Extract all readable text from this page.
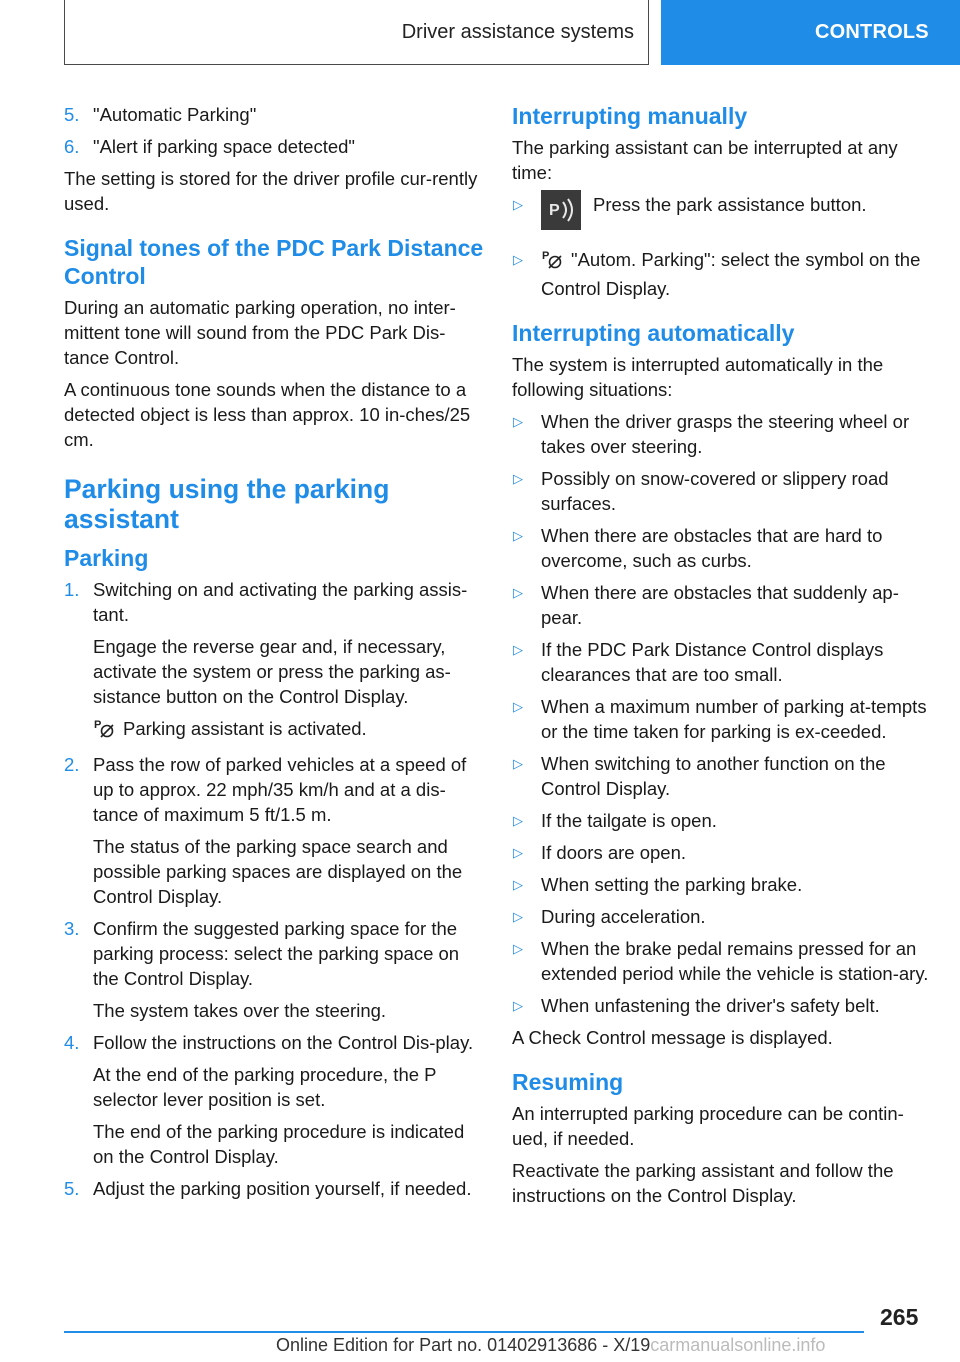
Driver assistance systems	CONTROLS
5. "Automatic Parking"
6. "Alert if parking space detected"

The setting is stored for the driver profile cur-rently used.

Signal tones of the PDC Park Distance Control

During an automatic parking operation, no inter-mittent tone will sound from the PDC Park Dis-tance Control.

A continuous tone sounds when the distance to a detected object is less than approx. 10 in-ches/25 cm.

Parking using the parking assistant
Parking
1. Switching on and activating the parking assis-tant.

Engage the reverse gear and, if necessary, activate the system or press the parking as-sistance button on the Control Display.

P Parking assistant is activated.

2. Pass the row of parked vehicles at a speed of up to approx. 22 mph/35 km/h and at a dis-tance of maximum 5 ft/1.5 m.

The status of the parking space search and possible parking spaces are displayed on the Control Display.

3. Confirm the suggested parking space for the parking process: select the parking space on the Control Display.

The system takes over the steering.

4. Follow the instructions on the Control Dis-play.

At the end of the parking procedure, the P selector lever position is set.

The end of the parking procedure is indicated on the Control Display.

5. Adjust the parking position yourself, if needed.

Interrupting manually

The parking assistant can be interrupted at any time:

▷	P Press the park assistance button.
▷	P "Autom. Parking": select the symbol on the Control Display.
Interrupting automatically

The system is interrupted automatically in the following situations:

▷ When the driver grasps the steering wheel or takes over steering.
▷ Possibly on snow-covered or slippery road surfaces.
▷ When there are obstacles that are hard to overcome, such as curbs.
▷ When there are obstacles that suddenly ap-pear.
▷ If the PDC Park Distance Control displays clearances that are too small.
▷ When a maximum number of parking at-tempts or the time taken for parking is ex-ceeded.
▷ When switching to another function on the Control Display.
▷ If the tailgate is open.
▷ If doors are open.
▷ When setting the parking brake.
▷ During acceleration.
▷ When the brake pedal remains pressed for an extended period while the vehicle is station-ary.
▷ When unfastening the driver's safety belt.

A Check Control message is displayed.

Resuming

An interrupted parking procedure can be contin-ued, if needed.

Reactivate the parking assistant and follow the instructions on the Control Display.

265
Online Edition for Part no. 01402913686 - X/19carmanualsonline.info
